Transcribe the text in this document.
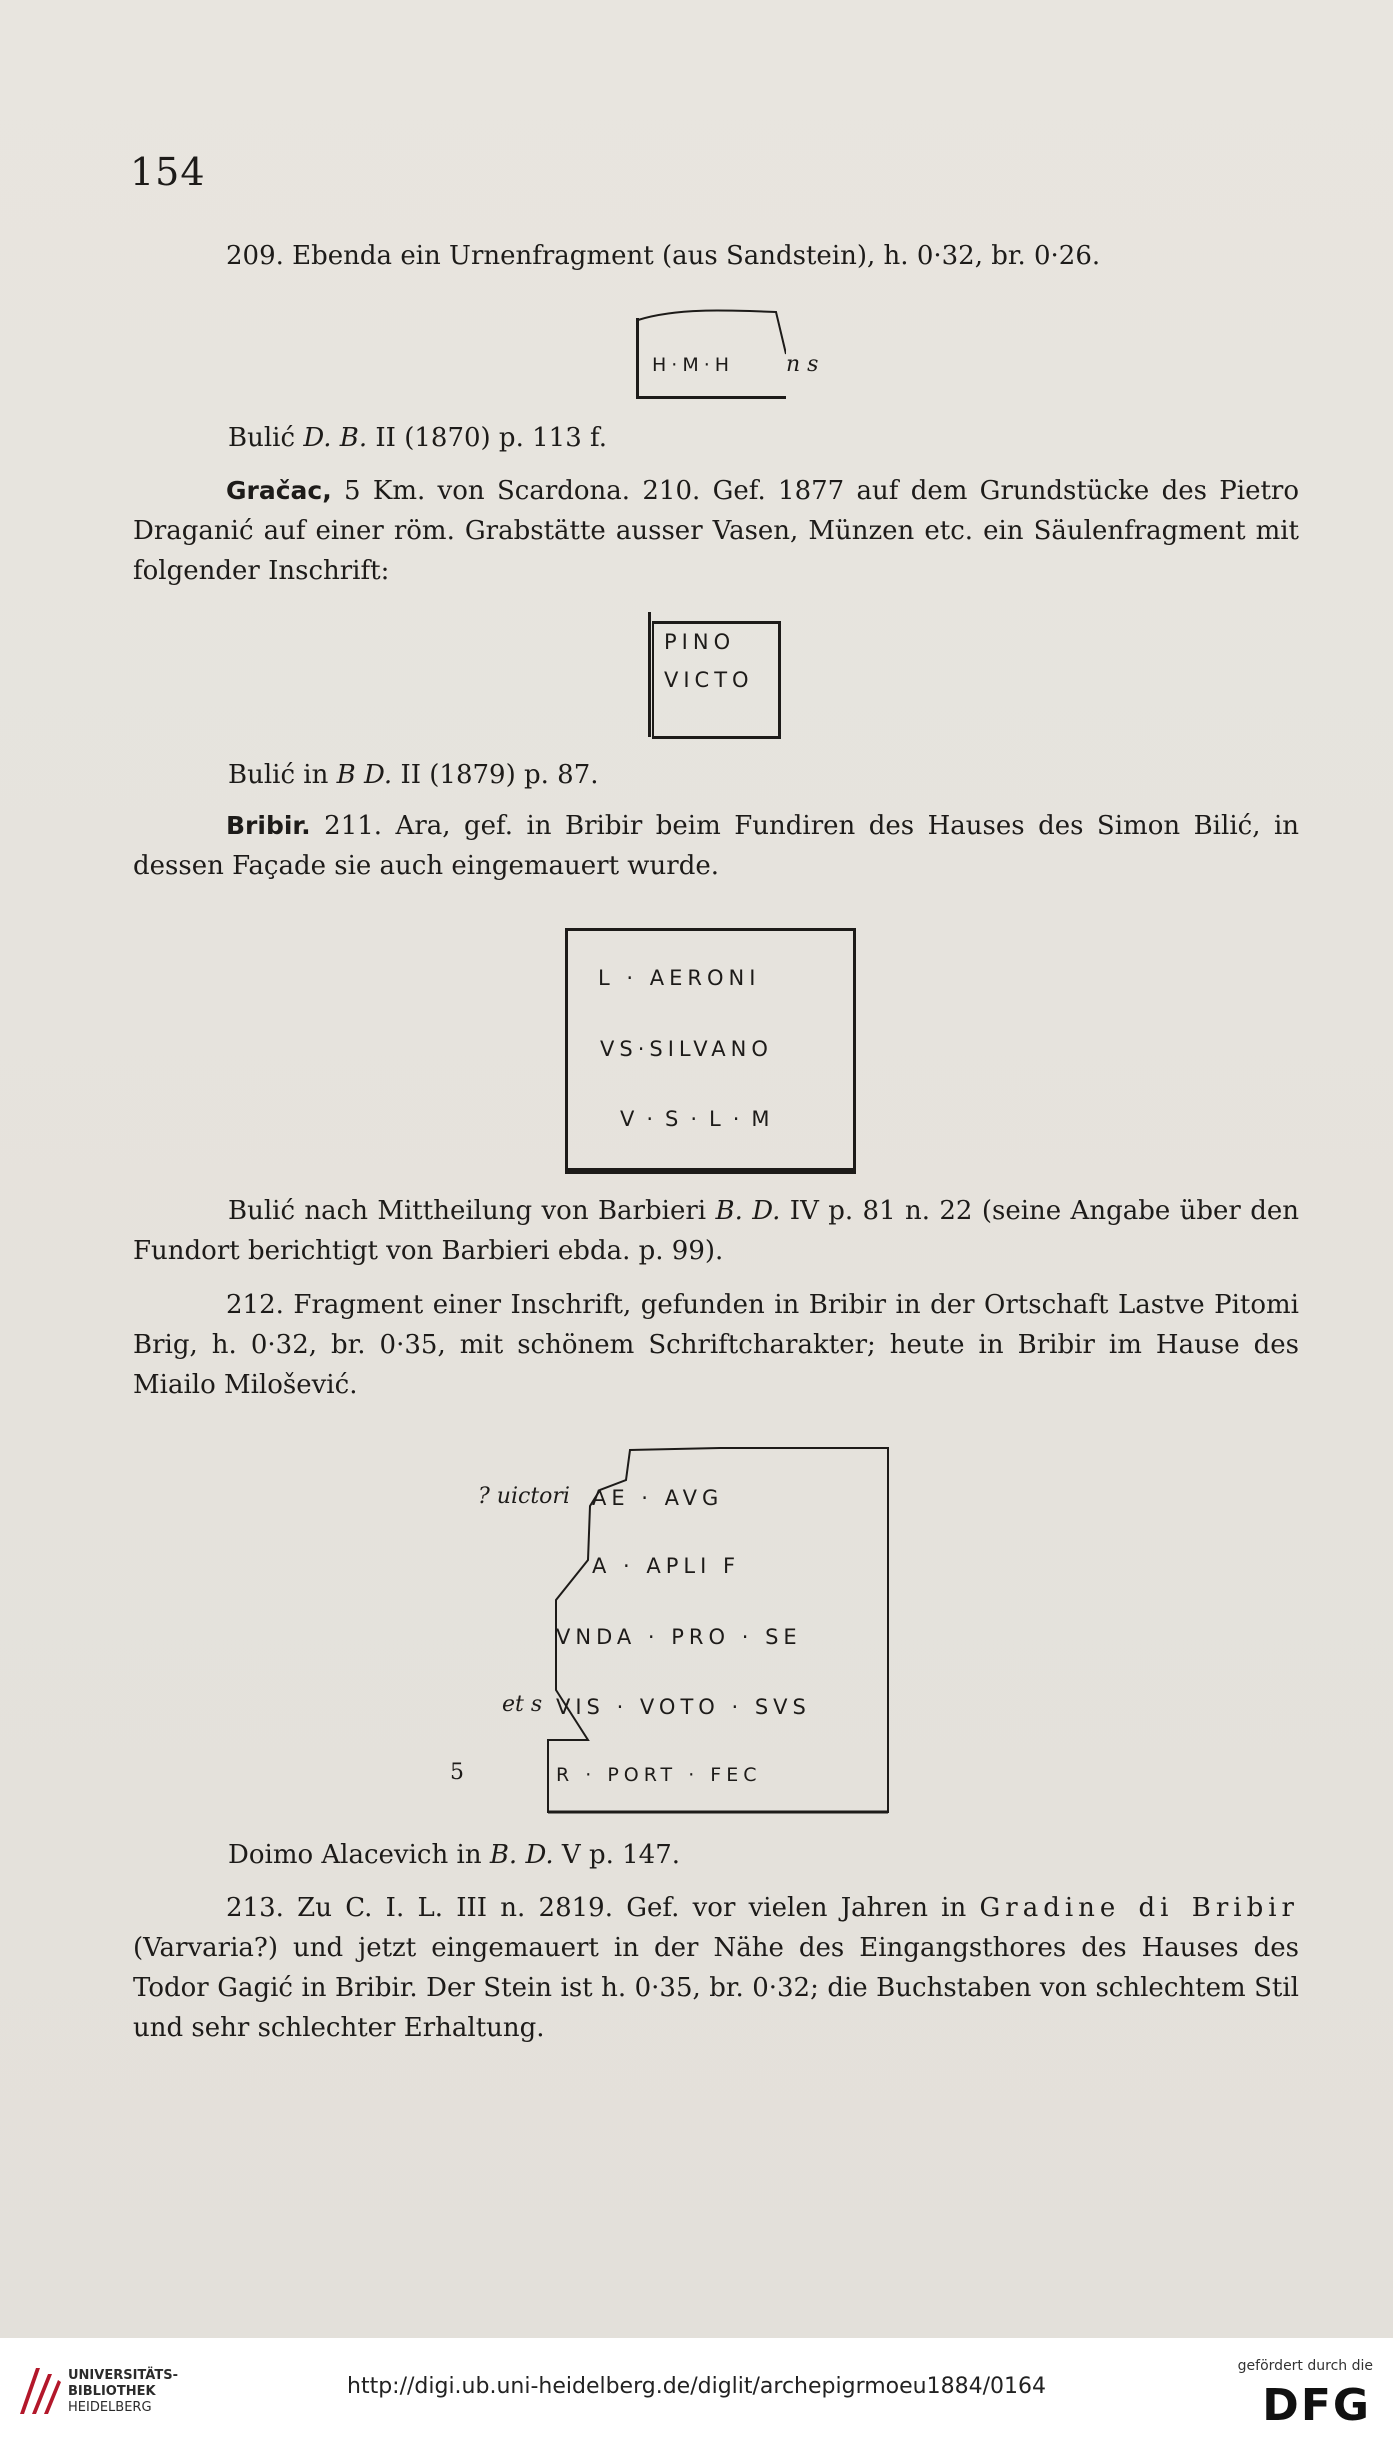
154
209. Ebenda ein Urnenfragment (aus Sandstein), h. 0·32, br. 0·26.
H·M·H n s
Bulić D. B. II (1870) p. 113 f.
Gračac, 5 Km. von Scardona. 210. Gef. 1877 auf dem Grundstücke des Pietro Draganić auf einer röm. Grabstätte ausser Vasen, Münzen etc. ein Säulenfragment mit folgender Inschrift:
PINO
VICTO
Bulić in B D. II (1879) p. 87.
Bribir. 211. Ara, gef. in Bribir beim Fundiren des Hauses des Simon Bilić, in dessen Façade sie auch eingemauert wurde.
L · AERONI
VS·SILVANO
V·S·L·M
Bulić nach Mittheilung von Barbieri B. D. IV p. 81 n. 22 (seine Angabe über den Fundort berichtigt von Barbieri ebda. p. 99).
212. Fragment einer Inschrift, gefunden in Bribir in der Ortschaft Lastve Pitomi Brig, h. 0·32, br. 0·35, mit schönem Schriftcharakter; heute in Bribir im Hause des Miailo Milošević.
? uictori AE · AVG
A · APLI F
VNDA · PRO · SE
et s VIS · VOTO · SVS
5	R · PORT · FEC
Doimo Alacevich in B. D. V p. 147.
213. Zu C. I. L. III n. 2819. Gef. vor vielen Jahren in Gradine di Bribir (Varvaria?) und jetzt eingemauert in der Nähe des Eingangsthores des Hauses des Todor Gagić in Bribir. Der Stein ist h. 0·35, br. 0·32; die Buchstaben von schlechtem Stil und sehr schlechter Erhaltung.
UNIVERSITÄTS-
BIBLIOTHEK
HEIDELBERG
http://digi.ub.uni-heidelberg.de/diglit/archepigrmoeu1884/0164
gefördert durch die
DFG
